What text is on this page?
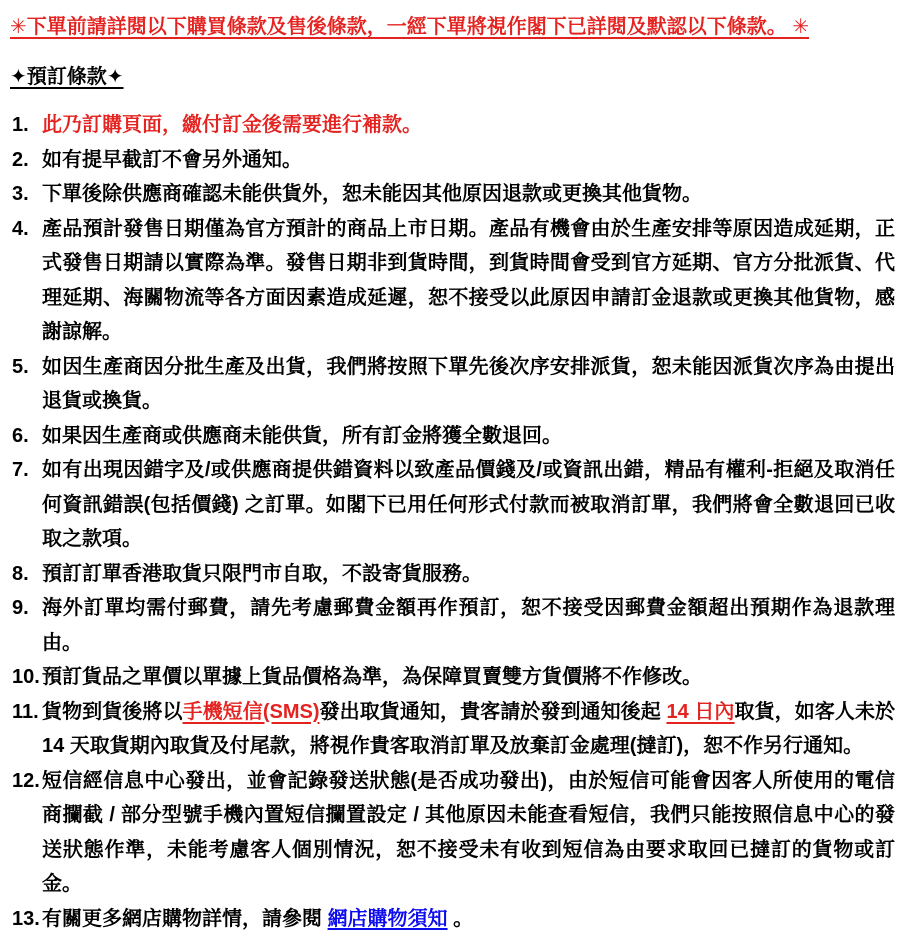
✳下單前請詳閱以下購買條款及售後條款，一經下單將視作閣下已詳閱及默認以下條款。 ✳

✦預訂條款✦

1. 此乃訂購頁面，繳付訂金後需要進行補款。
2. 如有提早截訂不會另外通知。
3. 下單後除供應商確認未能供貨外，恕未能因其他原因退款或更換其他貨物。
4. 產品預計發售日期僅為官方預計的商品上市日期。產品有機會由於生產安排等原因造成延期，正式發售日期請以實際為準。發售日期非到貨時間，到貨時間會受到官方延期、官方分批派貨、代理延期、海關物流等各方面因素造成延遲，恕不接受以此原因申請訂金退款或更換其他貨物，感謝諒解。
5. 如因生產商因分批生產及出貨，我們將按照下單先後次序安排派貨，恕未能因派貨次序為由提出退貨或換貨。
6. 如果因生產商或供應商未能供貨，所有訂金將獲全數退回。
7. 如有出現因錯字及/或供應商提供錯資料以致產品價錢及/或資訊出錯，精品有權利-拒絕及取消任何資訊錯誤(包括價錢) 之訂單。如閣下已用任何形式付款而被取消訂單，我們將會全數退回已收取之款項。
8. 預訂訂單香港取貨只限門市自取，不設寄貨服務。
9. 海外訂單均需付郵費，請先考慮郵費金額再作預訂，恕不接受因郵費金額超出預期作為退款理由。
10. 預訂貨品之單價以單據上貨品價格為準，為保障買賣雙方貨價將不作修改。
11. 貨物到貨後將以手機短信(SMS)發出取貨通知，貴客請於發到通知後起 14 日內取貨，如客人未於 14 天取貨期內取貨及付尾款，將視作貴客取消訂單及放棄訂金處理(撻訂)，恕不作另行通知。
12. 短信經信息中心發出，並會記錄發送狀態(是否成功發出)，由於短信可能會因客人所使用的電信商攔截 / 部分型號手機內置短信攔置設定 / 其他原因未能查看短信，我們只能按照信息中心的發送狀態作準，未能考慮客人個別情況，恕不接受未有收到短信為由要求取回已撻訂的貨物或訂金。
13. 有關更多網店購物詳情，請參閱 網店購物須知 。
